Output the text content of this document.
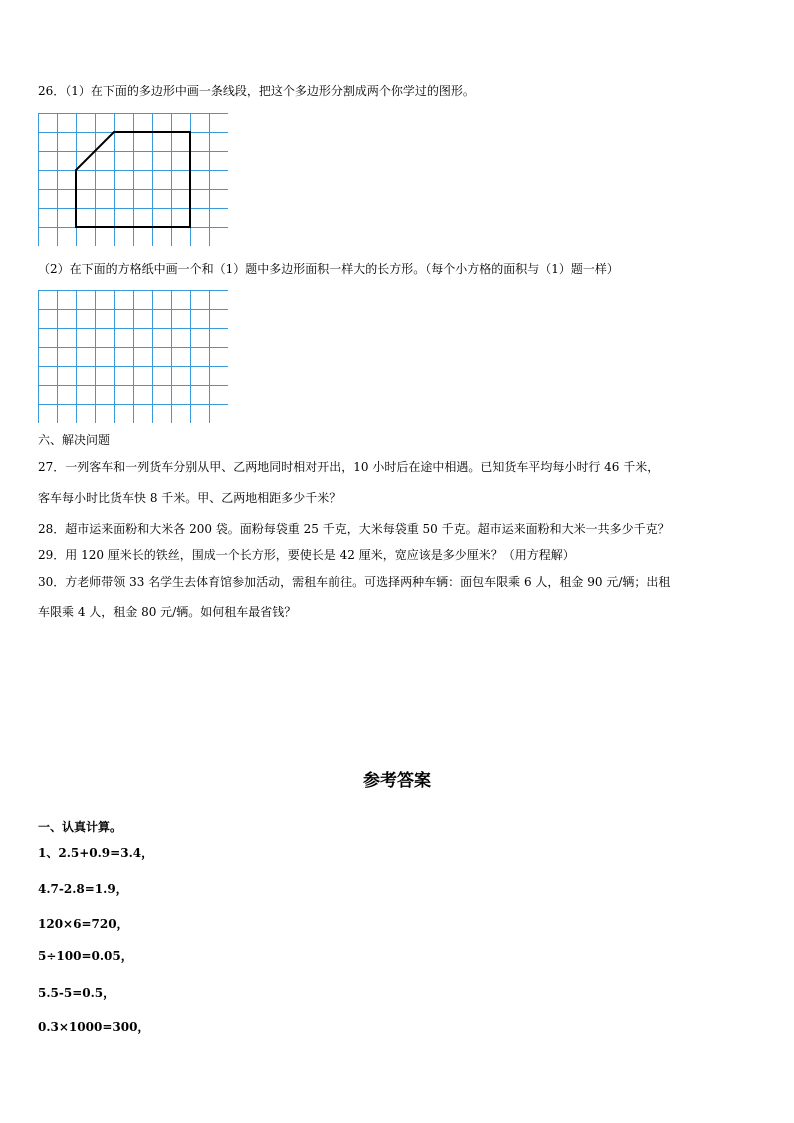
26．（1）在下面的多边形中画一条线段，把这个多边形分割成两个你学过的图形。
（2）在下面的方格纸中画一个和（1）题中多边形面积一样大的长方形。（每个小方格的面积与（1）题一样）
六、解决问题
27．一列客车和一列货车分别从甲、乙两地同时相对开出，10 小时后在途中相遇。已知货车平均每小时行 46 千米，
客车每小时比货车快 8 千米。甲、乙两地相距多少千米？
28．超市运来面粉和大米各 200 袋。面粉每袋重 25 千克，大米每袋重 50 千克。超市运来面粉和大米一共多少千克？
29．用 120 厘米长的铁丝，围成一个长方形，要使长是 42 厘米，宽应该是多少厘米？（用方程解）
30．方老师带领 33 名学生去体育馆参加活动，需租车前往。可选择两种车辆：面包车限乘 6 人，租金 90 元/辆；出租
车限乘 4 人，租金 80 元/辆。如何租车最省钱？
参考答案
一、认真计算。
1、2.5+0.9=3.4，
4.7-2.8=1.9，
120×6=720，
5÷100=0.05，
5.5-5=0.5，
0.3×1000=300，
